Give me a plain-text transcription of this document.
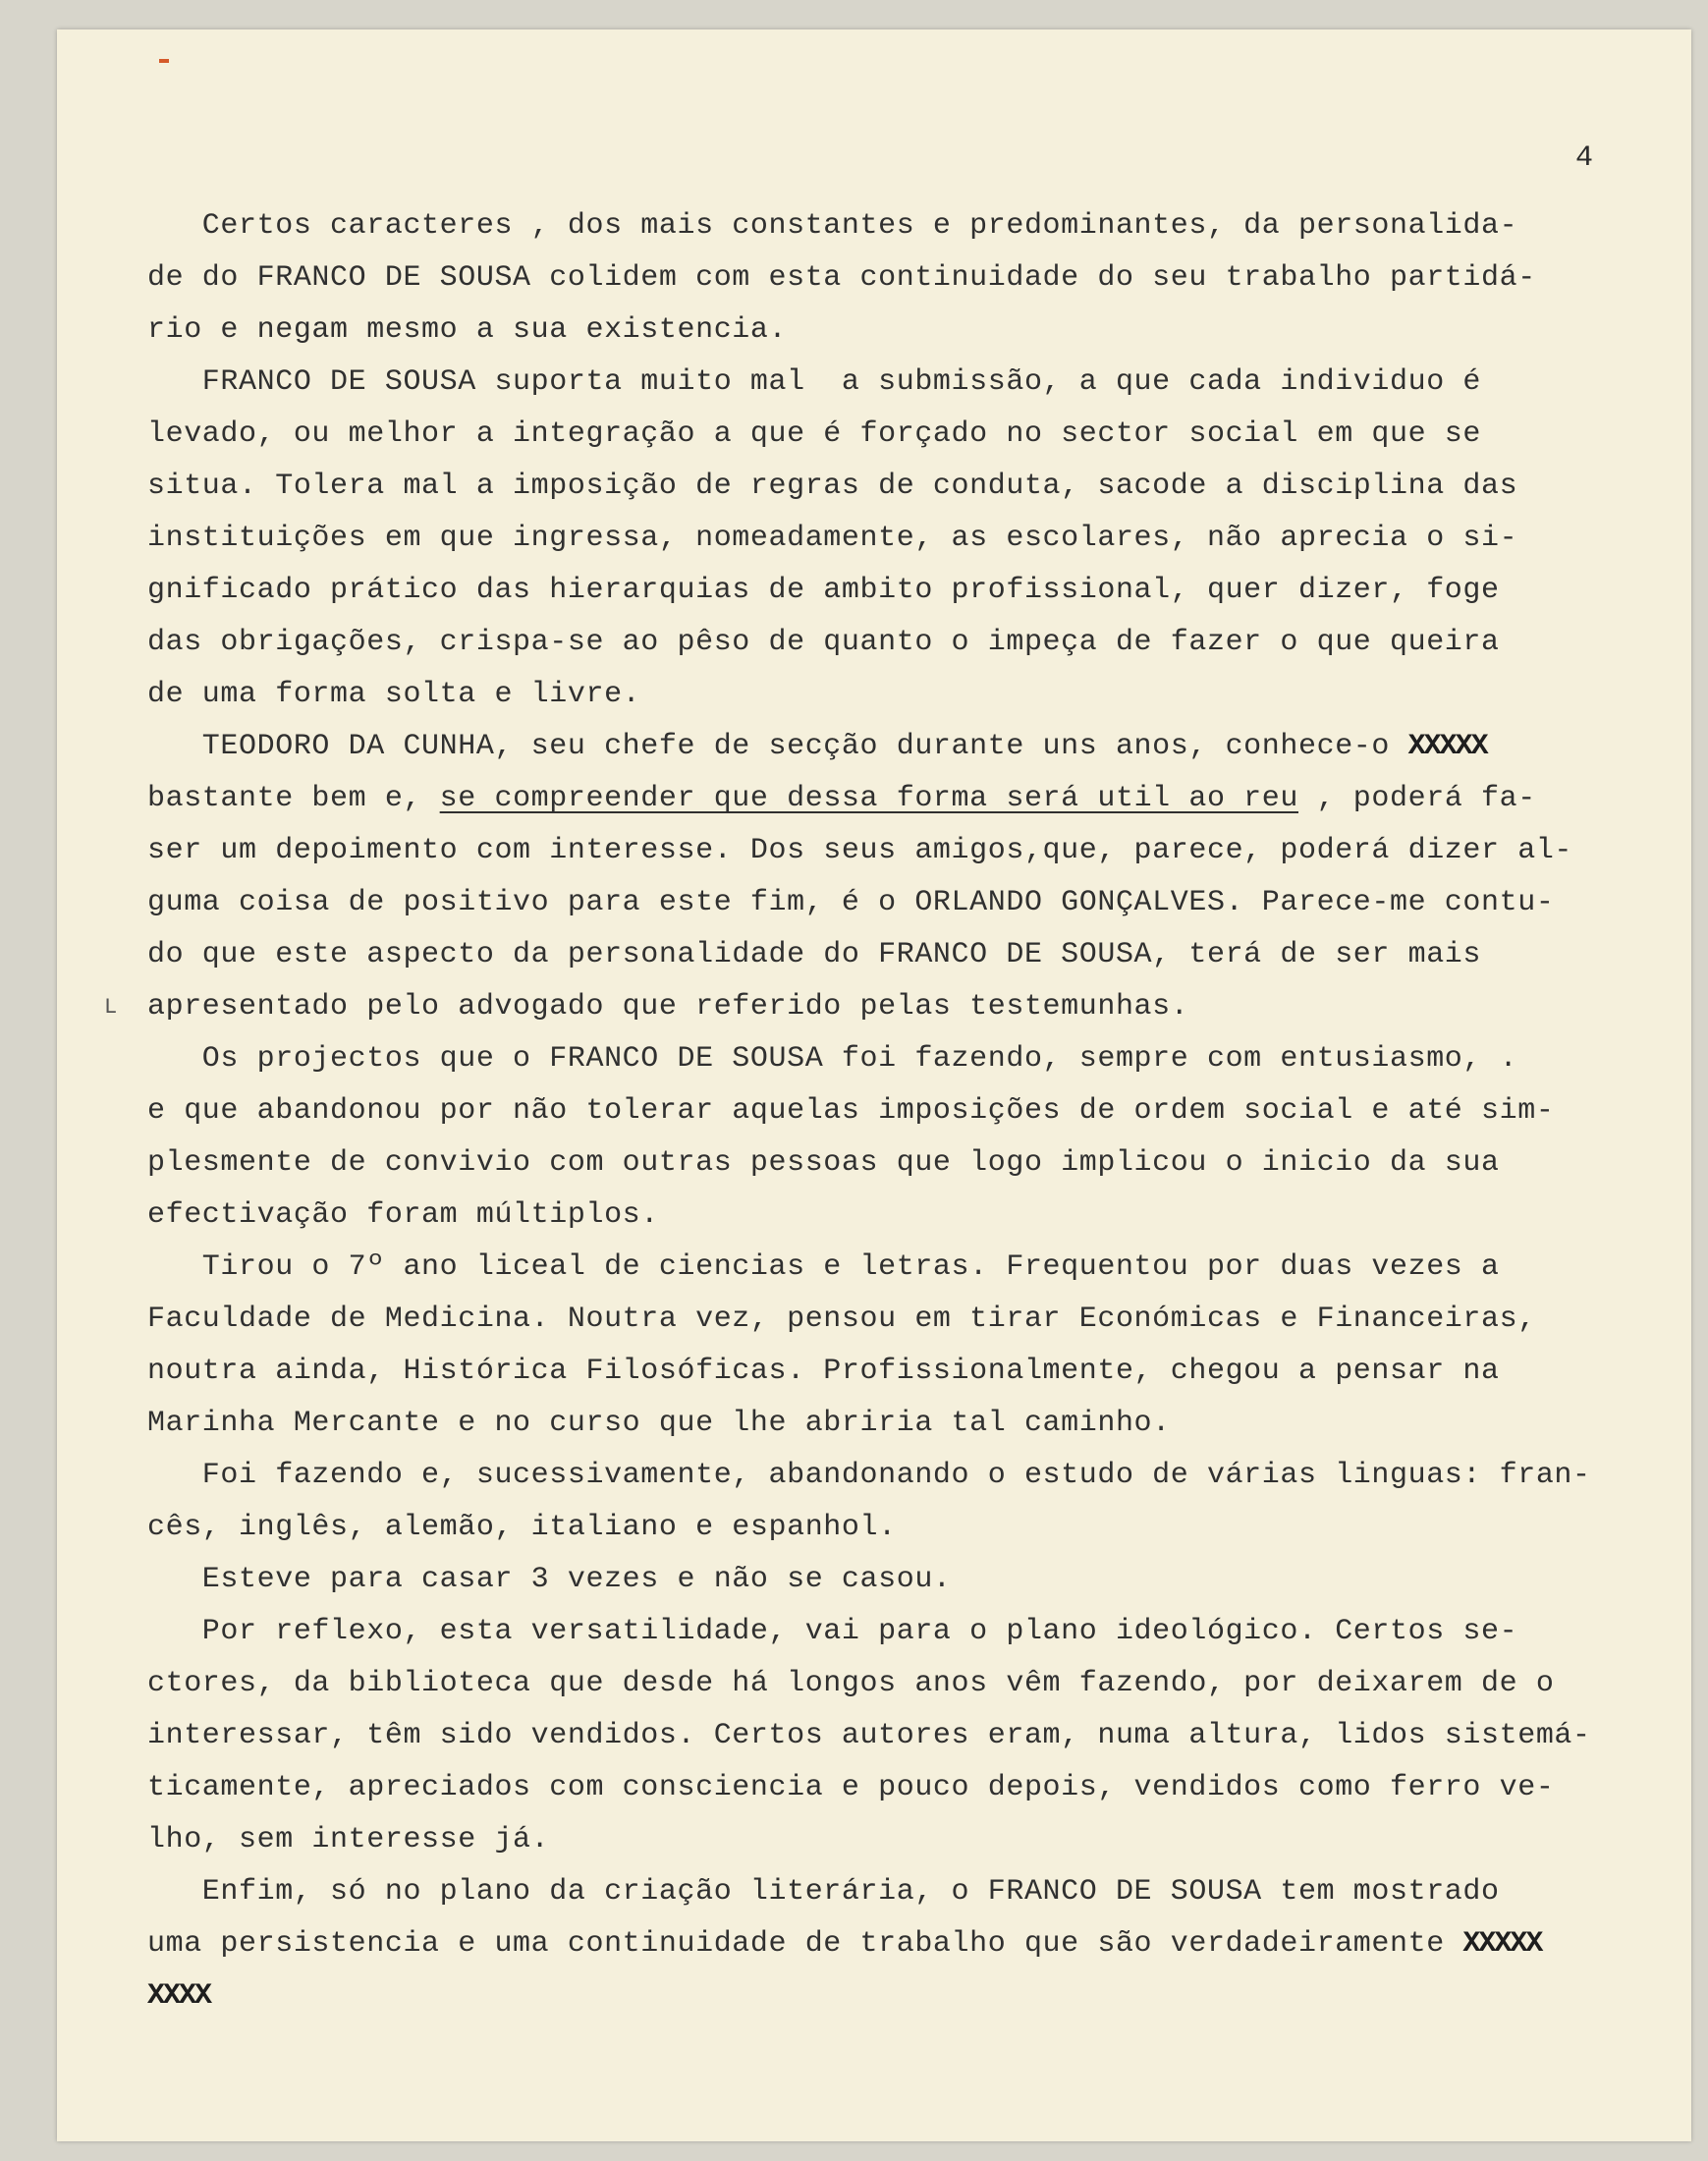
4
L
Certos caracteres , dos mais constantes e predominantes, da personalida-
de do FRANCO DE SOUSA colidem com esta continuidade do seu trabalho partidá-
rio e negam mesmo a sua existencia.
FRANCO DE SOUSA suporta muito mal  a submissão, a que cada individuo é
levado, ou melhor a integração a que é forçado no sector social em que se
situa. Tolera mal a imposição de regras de conduta, sacode a disciplina das
instituições em que ingressa, nomeadamente, as escolares, não aprecia o si-
gnificado prático das hierarquias de ambito profissional, quer dizer, foge
das obrigações, crispa-se ao pêso de quanto o impeça de fazer o que queira
de uma forma solta e livre.
TEODORO DA CUNHA, seu chefe de secção durante uns anos, conhece-o XXXXX
bastante bem e, se compreender que dessa forma será util ao reu , poderá fa-
ser um depoimento com interesse. Dos seus amigos,que, parece, poderá dizer al-
guma coisa de positivo para este fim, é o ORLANDO GONÇALVES. Parece-me contu-
do que este aspecto da personalidade do FRANCO DE SOUSA, terá de ser mais
apresentado pelo advogado que referido pelas testemunhas.
Os projectos que o FRANCO DE SOUSA foi fazendo, sempre com entusiasmo, .
e que abandonou por não tolerar aquelas imposições de ordem social e até sim-
plesmente de convivio com outras pessoas que logo implicou o inicio da sua
efectivação foram múltiplos.
Tirou o 7º ano liceal de ciencias e letras. Frequentou por duas vezes a
Faculdade de Medicina. Noutra vez, pensou em tirar Económicas e Financeiras,
noutra ainda, Histórica Filosóficas. Profissionalmente, chegou a pensar na
Marinha Mercante e no curso que lhe abriria tal caminho.
Foi fazendo e, sucessivamente, abandonando o estudo de várias linguas: fran-
cês, inglês, alemão, italiano e espanhol.
Esteve para casar 3 vezes e não se casou.
Por reflexo, esta versatilidade, vai para o plano ideológico. Certos se-
ctores, da biblioteca que desde há longos anos vêm fazendo, por deixarem de o
interessar, têm sido vendidos. Certos autores eram, numa altura, lidos sistemá-
ticamente, apreciados com consciencia e pouco depois, vendidos como ferro ve-
lho, sem interesse já.
Enfim, só no plano da criação literária, o FRANCO DE SOUSA tem mostrado
uma persistencia e uma continuidade de trabalho que são verdadeiramente XXXXX
XXXX
